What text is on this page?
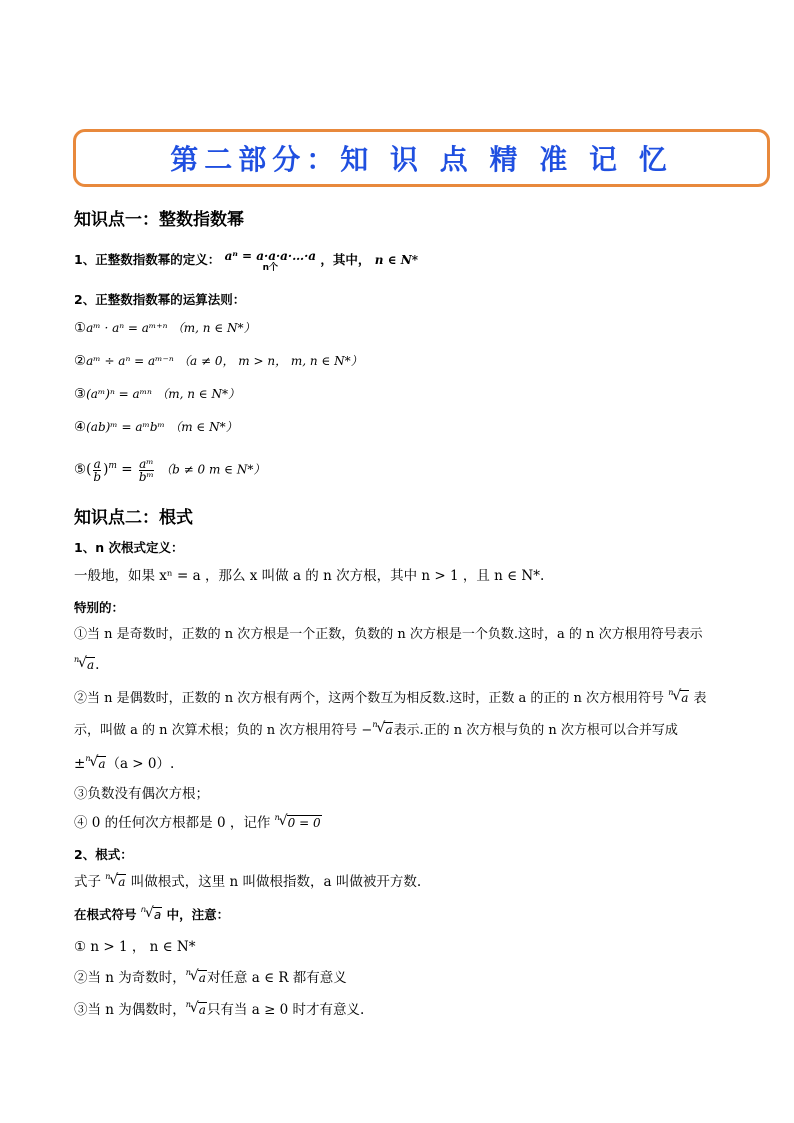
第二部分：知 识 点 精 准 记 忆
知识点一：整数指数幂
1、正整数指数幂的定义： aⁿ = a·a·a·…·a
n个
，其中， n ∈ N*
2、正整数指数幂的运算法则：
①aᵐ · aⁿ = aᵐ⁺ⁿ （m, n ∈ N*）
②aᵐ ÷ aⁿ = aᵐ⁻ⁿ （a ≠ 0， m > n， m, n ∈ N*）
③(aᵐ)ⁿ = aᵐⁿ （m, n ∈ N*）
④(ab)ᵐ = aᵐbᵐ （m ∈ N*）
⑤( $\frac{a}{b} )^m = \frac{\text{aᵐ}}{\text{bᵐ}} (b \ne 0$ m ∈ N*）
知识点二：根式
1、n 次根式定义：
一般地，如果 xⁿ = a ，那么 x 叫做 a 的 n 次方根，其中 n > 1 ，且 n ∈ N*.
特别的：
①当 n 是奇数时，正数的 n 次方根是一个正数，负数的 n 次方根是一个负数.这时，a 的 n 次方根用符号表示
n
√ a.
②当 n 是偶数时，正数的 n 次方根有两个，这两个数互为相反数.这时，正数 a 的正的 n 次方根用符号 n
√ a 表
示，叫做 a 的 n 次算术根；负的 n 次方根用符号 − n
√ a表示.正的 n 次方根与负的 n 次方根可以合并写成
± n
√ a（a > 0）.
③负数没有偶次方根；
④ 0 的任何次方根都是 0 ，记作 n
√ 0 = 0
2、根式：
式子 n
√ a 叫做根式，这里 n 叫做根指数，a 叫做被开方数.
在根式符号 n
√ a 中，注意：
① n > 1 ， n ∈ N*
②当 n 为奇数时， n
√ a对任意 a ∈ R 都有意义
③当 n 为偶数时， n
√ a只有当 a ≥ 0 时才有意义.
